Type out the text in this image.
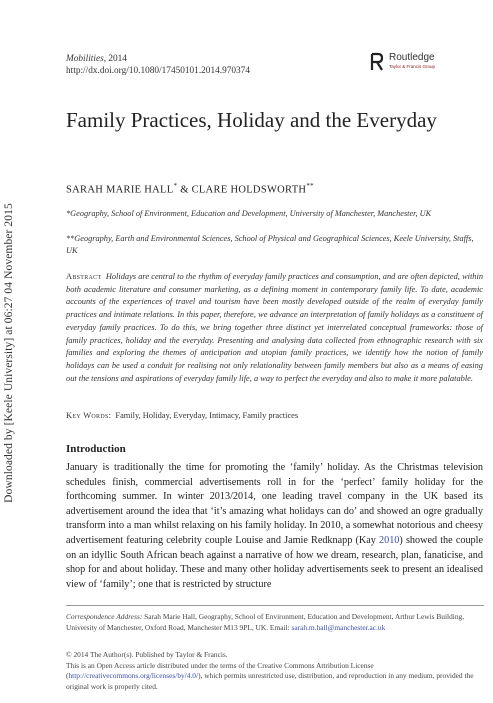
Downloaded by [Keele University] at 06:27 04 November 2015
Mobilities, 2014
http://dx.doi.org/10.1080/17450101.2014.970374
Routledge
Taylor & Francis Group
Family Practices, Holiday and the Everyday
SARAH MARIE HALL* & CLARE HOLDSWORTH**

*Geography, School of Environment, Education and Development, University of Manchester, Manchester, UK

**Geography, Earth and Environmental Sciences, School of Physical and Geographical Sciences, Keele University, Staffs, UK

Abstract Holidays are central to the rhythm of everyday family practices and consumption, and are often depicted, within both academic literature and consumer marketing, as a defining moment in contemporary family life. To date, academic accounts of the experiences of travel and tourism have been mostly developed outside of the realm of everyday family practices and intimate relations. In this paper, therefore, we advance an interpretation of family holidays as a constituent of everyday family practices. To do this, we bring together three distinct yet interrelated conceptual frameworks: those of family practices, holiday and the everyday. Presenting and analysing data collected from ethnographic research with six families and exploring the themes of anticipation and utopian family practices, we identify how the notion of family holidays can be used a conduit for realising not only relationality between family members but also as a means of easing out the tensions and aspirations of everyday family life, a way to perfect the everyday and also to make it more palatable.

Key Words: Family, Holiday, Everyday, Intimacy, Family practices
Introduction

January is traditionally the time for promoting the ‘family’ holiday. As the Christmas television schedules finish, commercial advertisements roll in for the ‘perfect’ family holiday for the forthcoming summer. In winter 2013/2014, one leading travel company in the UK based its advertisement around the idea that ‘it’s amazing what holidays can do’ and showed an ogre gradually transform into a man whilst relaxing on his family holiday. In 2010, a somewhat notorious and cheesy advertisement featuring celebrity couple Louise and Jamie Redknapp (Kay 2010) showed the couple on an idyllic South African beach against a narrative of how we dream, research, plan, fanaticise, and shop for and about holiday. These and many other holiday advertisements seek to present an idealised view of ‘family’; one that is restricted by structure

Correspondence Address: Sarah Marie Hall, Geography, School of Environment, Education and Development, Arthur Lewis Building, University of Manchester, Oxford Road, Manchester M13 9PL, UK. Email: sarah.m.hall@manchester.ac.uk

© 2014 The Author(s). Published by Taylor & Francis.
This is an Open Access article distributed under the terms of the Creative Commons Attribution License (http://creativecommons.org/licenses/by/4.0/), which permits unrestricted use, distribution, and reproduction in any medium, provided the original work is properly cited.
